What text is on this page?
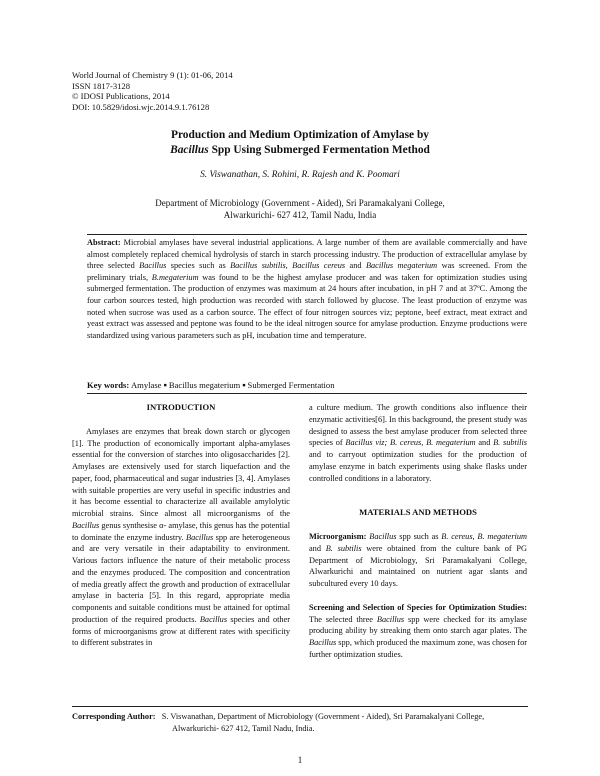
World Journal of Chemistry 9 (1): 01-06, 2014
ISSN 1817-3128
© IDOSI Publications, 2014
DOI: 10.5829/idosi.wjc.2014.9.1.76128
Production and Medium Optimization of Amylase by
Bacillus Spp Using Submerged Fermentation Method
S. Viswanathan, S. Rohini, R. Rajesh and K. Poomari
Department of Microbiology (Government - Aided), Sri Paramakalyani College,
Alwarkurichi- 627 412, Tamil Nadu, India
Abstract: Microbial amylases have several industrial applications. A large number of them are available commercially and have almost completely replaced chemical hydrolysis of starch in starch processing industry. The production of extracellular amylase by three selected Bacillus species such as Bacillus subtilis, Bacillus cereus and Bacillus megaterium was screened. From the preliminary trials, B.megaterium was found to be the highest amylase producer and was taken for optimization studies using submerged fermentation. The production of enzymes was maximum at 24 hours after incubation, in pH 7 and at 37ºC. Among the four carbon sources tested, high production was recorded with starch followed by glucose. The least production of enzyme was noted when sucrose was used as a carbon source. The effect of four nitrogen sources viz; peptone, beef extract, meat extract and yeast extract was assessed and peptone was found to be the ideal nitrogen source for amylase production. Enzyme productions were standardized using various parameters such as pH, incubation time and temperature.
Key words: Amylase ■ Bacillus megaterium ■ Submerged Fermentation
INTRODUCTION

Amylases are enzymes that break down starch or glycogen [1]. The production of economically important alpha-amylases essential for the conversion of starches into oligosaccharides [2]. Amylases are extensively used for starch liquefaction and the paper, food, pharmaceutical and sugar industries [3, 4]. Amylases with suitable properties are very useful in specific industries and it has become essential to characterize all available amylolytic microbial strains. Since almost all microorganisms of the Bacillus genus synthesise α- amylase, this genus has the potential to dominate the enzyme industry. Bacillus spp are heterogeneous and are very versatile in their adaptability to environment. Various factors influence the nature of their metabolic process and the enzymes produced. The composition and concentration of media greatly affect the growth and production of extracellular amylase in bacteria [5]. In this regard, appropriate media components and suitable conditions must be attained for optimal production of the required products. Bacillus species and other forms of microorganisms grow at different rates with specificity to different substrates in

a culture medium. The growth conditions also influence their enzymatic activities[6]. In this background, the present study was designed to assess the best amylase producer from selected three species of Bacillus viz; B. cereus, B. megaterium and B. subtilis and to carryout optimization studies for the production of amylase enzyme in batch experiments using shake flasks under controlled conditions in a laboratory.

MATERIALS AND METHODS

Microorganism: Bacillus spp such as B. cereus, B. megaterium and B. subtilis were obtained from the culture bank of PG Department of Microbiology, Sri Paramakalyani College, Alwarkurichi and maintained on nutrient agar slants and subcultured every 10 days.

Screening and Selection of Species for Optimization Studies: The selected three Bacillus spp were checked for its amylase producing ability by streaking them onto starch agar plates. The Bacillus spp, which produced the maximum zone, was chosen for further optimization studies.

Corresponding Author: S. Viswanathan, Department of Microbiology (Government - Aided), Sri Paramakalyani College,
Alwarkurichi- 627 412, Tamil Nadu, India.
1
